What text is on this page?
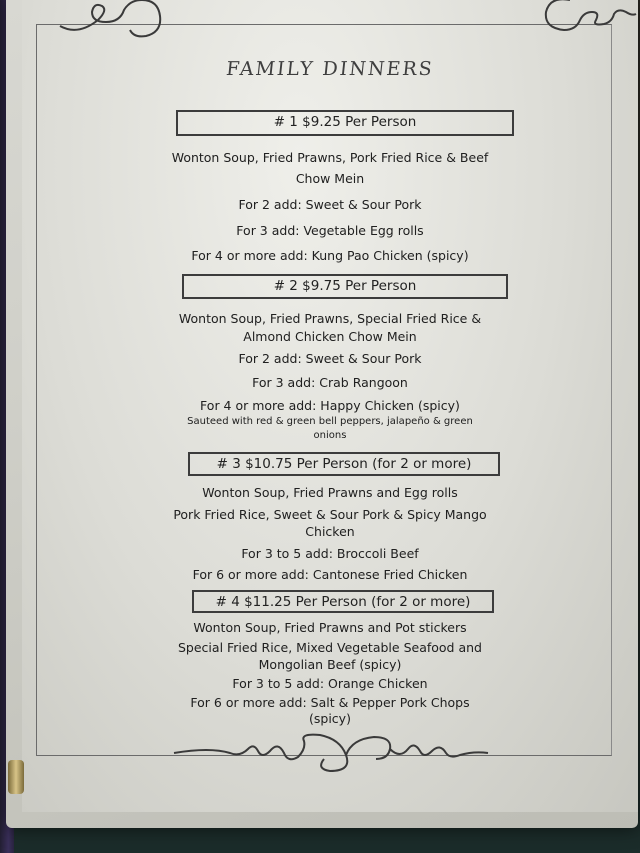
FAMILY DINNERS
# 1 $9.25 Per Person
Wonton Soup, Fried Prawns, Pork Fried Rice & Beef
Chow Mein
For 2 add: Sweet & Sour Pork
For 3 add: Vegetable Egg rolls
For 4 or more add: Kung Pao Chicken (spicy)
# 2 $9.75 Per Person
Wonton Soup, Fried Prawns, Special Fried Rice &
Almond Chicken Chow Mein
For 2 add: Sweet & Sour Pork
For 3 add: Crab Rangoon
For 4 or more add: Happy Chicken (spicy)
Sauteed with red & green bell peppers, jalapeño & green
onions
# 3 $10.75 Per Person (for 2 or more)
Wonton Soup, Fried Prawns and Egg rolls
Pork Fried Rice, Sweet & Sour Pork & Spicy Mango
Chicken
For 3 to 5 add: Broccoli Beef
For 6 or more add: Cantonese Fried Chicken
# 4 $11.25 Per Person (for 2 or more)
Wonton Soup, Fried Prawns and Pot stickers
Special Fried Rice, Mixed Vegetable Seafood and
Mongolian Beef (spicy)
For 3 to 5 add: Orange Chicken
For 6 or more add: Salt & Pepper Pork Chops
(spicy)
